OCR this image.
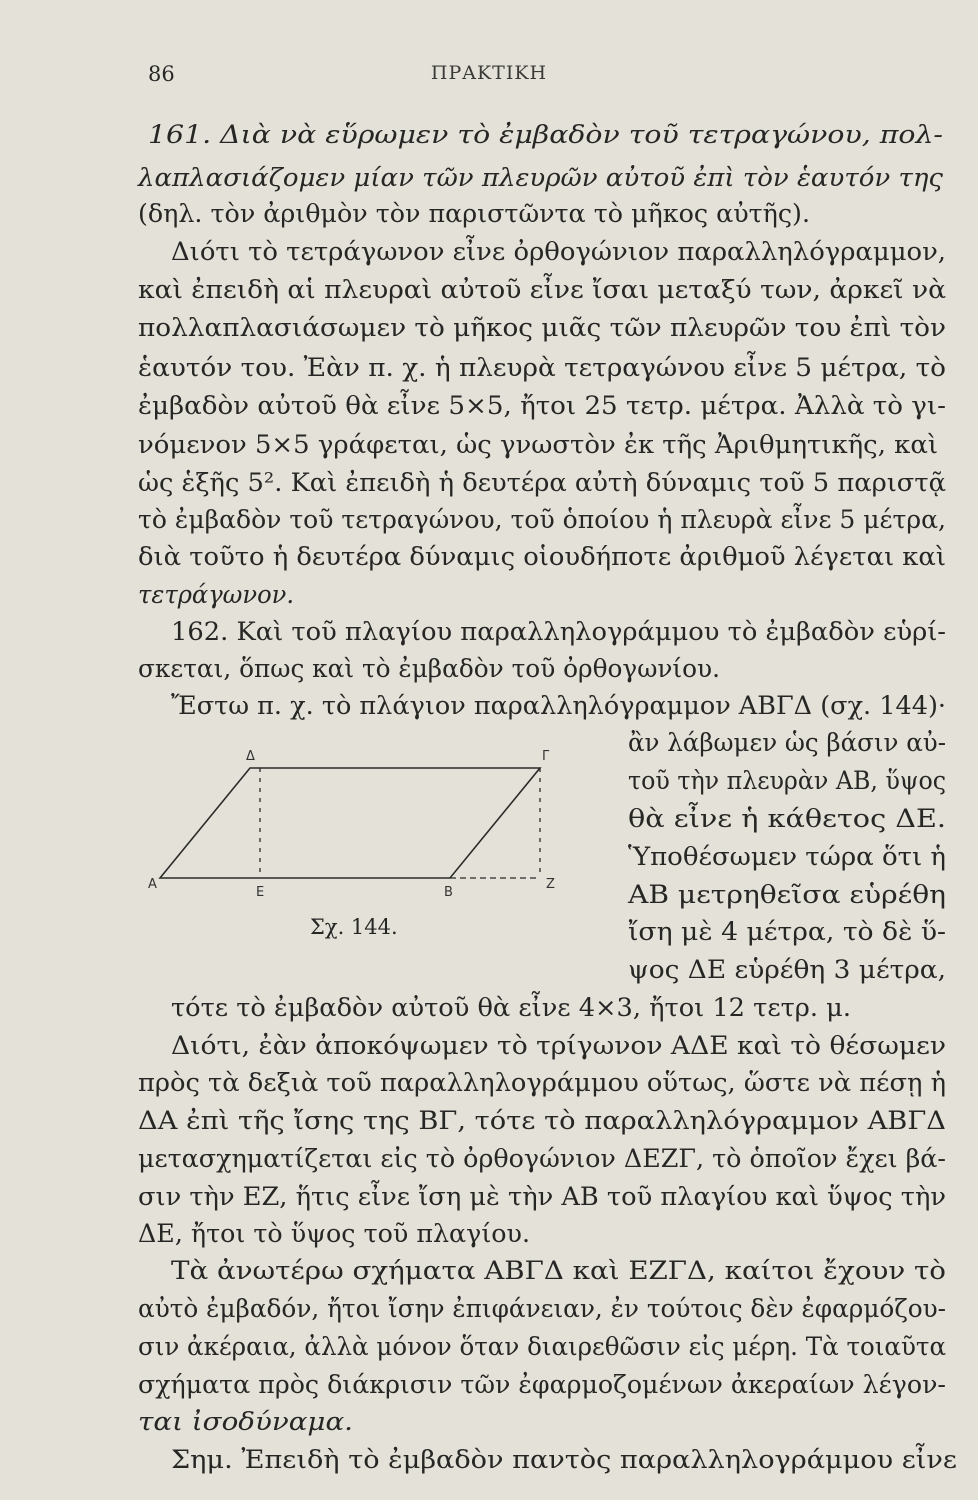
86	ΠΡΑΚΤΙΚΗ
161. Διὰ νὰ εὕρωμεν τὸ ἐμβαδὸν τοῦ τετραγώνου, πολ-
λαπλασιάζομεν μίαν τῶν πλευρῶν αὐτοῦ ἐπὶ τὸν ἑαυτόν της
(δηλ. τὸν ἀριθμὸν τὸν παριστῶντα τὸ μῆκος αὐτῆς).
Διότι τὸ τετράγωνον εἶνε ὀρθογώνιον παραλληλόγραμμον,
καὶ ἐπειδὴ αἱ πλευραὶ αὐτοῦ εἶνε ἴσαι μεταξύ των, ἀρκεῖ νὰ
πολλαπλασιάσωμεν τὸ μῆκος μιᾶς τῶν πλευρῶν του ἐπὶ τὸν
ἑαυτόν του. Ἐὰν π. χ. ἡ πλευρὰ τετραγώνου εἶνε 5 μέτρα, τὸ
ἐμβαδὸν αὐτοῦ θὰ εἶνε 5×5, ἤτοι 25 τετρ. μέτρα. Ἀλλὰ τὸ γι-
νόμενον 5×5 γράφεται, ὡς γνωστὸν ἐκ τῆς Ἀριθμητικῆς, καὶ
ὡς ἑξῆς 5². Καὶ ἐπειδὴ ἡ δευτέρα αὐτὴ δύναμις τοῦ 5 παριστᾷ
τὸ ἐμβαδὸν τοῦ τετραγώνου, τοῦ ὁποίου ἡ πλευρὰ εἶνε 5 μέτρα,
διὰ τοῦτο ἡ δευτέρα δύναμις οἱουδήποτε ἀριθμοῦ λέγεται καὶ
τετράγωνον.
162. Καὶ τοῦ πλαγίου παραλληλογράμμου τὸ ἐμβαδὸν εὑρί-
σκεται, ὅπως καὶ τὸ ἐμβαδὸν τοῦ ὀρθογωνίου.
Ἔστω π. χ. τὸ πλάγιον παραλληλόγραμμον ΑΒΓΔ (σχ. 144)·
ἂν λάβωμεν ὡς βάσιν αὐ-
τοῦ τὴν πλευρὰν ΑΒ, ὕψος
θὰ εἶνε ἡ κάθετος ΔΕ.
Ὑποθέσωμεν τώρα ὅτι ἡ
ΑΒ μετρηθεῖσα εὑρέθη
ἴση μὲ 4 μέτρα, τὸ δὲ ὕ-
ψος ΔΕ εὑρέθη 3 μέτρα,
τότε τὸ ἐμβαδὸν αὐτοῦ θὰ εἶνε 4×3, ἤτοι 12 τετρ. μ.
Διότι, ἐὰν ἀποκόψωμεν τὸ τρίγωνον ΑΔΕ καὶ τὸ θέσωμεν
πρὸς τὰ δεξιὰ τοῦ παραλληλογράμμου οὕτως, ὥστε νὰ πέσῃ ἡ
ΔΑ ἐπὶ τῆς ἴσης της ΒΓ, τότε τὸ παραλληλόγραμμον ΑΒΓΔ
μετασχηματίζεται εἰς τὸ ὀρθογώνιον ΔΕΖΓ, τὸ ὁποῖον ἔχει βά-
σιν τὴν ΕΖ, ἥτις εἶνε ἴση μὲ τὴν ΑΒ τοῦ πλαγίου καὶ ὕψος τὴν
ΔΕ, ἤτοι τὸ ὕψος τοῦ πλαγίου.
Τὰ ἀνωτέρω σχήματα ΑΒΓΔ καὶ ΕΖΓΔ, καίτοι ἔχουν τὸ
αὐτὸ ἐμβαδόν, ἤτοι ἴσην ἐπιφάνειαν, ἐν τούτοις δὲν ἐφαρμόζου-
σιν ἀκέραια, ἀλλὰ μόνον ὅταν διαιρεθῶσιν εἰς μέρη. Τὰ τοιαῦτα
σχήματα πρὸς διάκρισιν τῶν ἐφαρμοζομένων ἀκεραίων λέγον-
ται ἰσοδύναμα.
Σημ. Ἐπειδὴ τὸ ἐμβαδὸν παντὸς παραλληλογράμμου εἶνε
Α
Β
Γ
Δ
Ε
Ζ
Σχ. 144.
